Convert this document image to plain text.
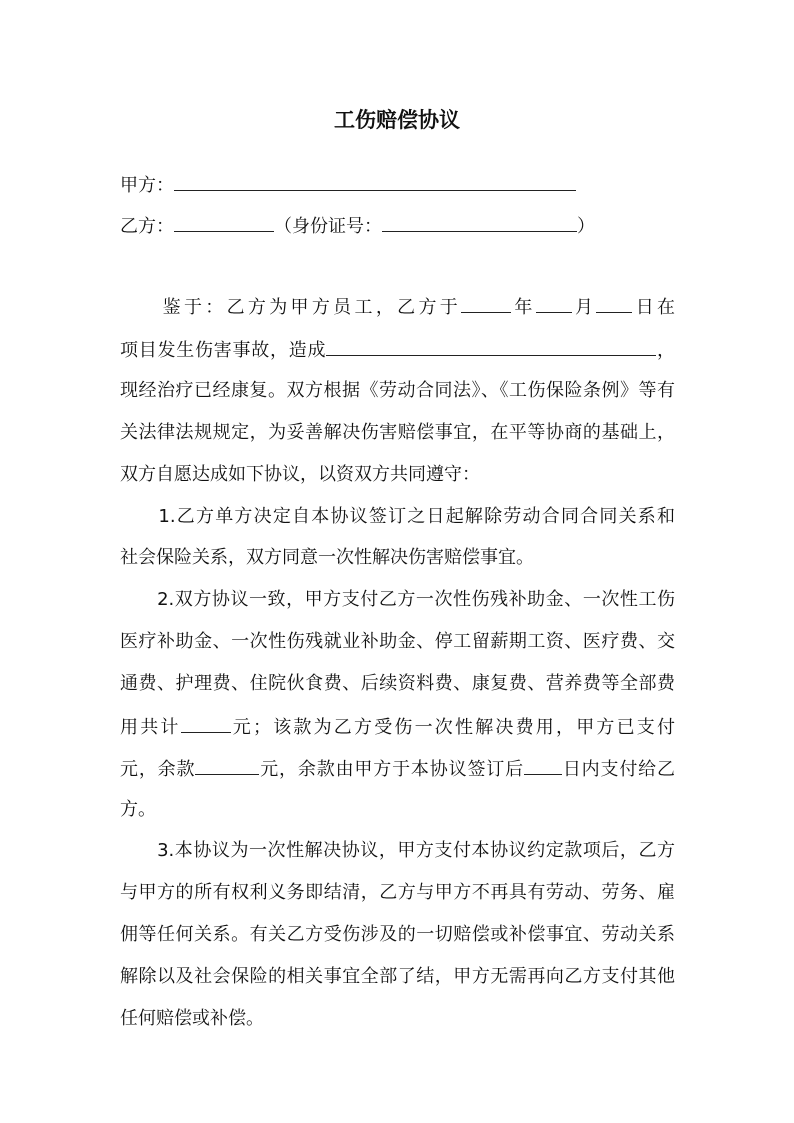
工伤赔偿协议
甲方：
乙方：	（身份证号：	）
　　鉴于：乙方为甲方员工，乙方于	年 月 日在
项目发生伤害事故，造成	，
现经治疗已经康复。双方根据《劳动合同法》、《工伤保险条例》等有
关法律法规规定，为妥善解决伤害赔偿事宜，在平等协商的基础上，
双方自愿达成如下协议，以资双方共同遵守：
　　1.乙方单方决定自本协议签订之日起解除劳动合同合同关系和
社会保险关系，双方同意一次性解决伤害赔偿事宜。
　　2.双方协议一致，甲方支付乙方一次性伤残补助金、一次性工伤
医疗补助金、一次性伤残就业补助金、停工留薪期工资、医疗费、交
通费、护理费、住院伙食费、后续资料费、康复费、营养费等全部费
用共计	元；该款为乙方受伤一次性解决费用，甲方已支付
元，余款	元，余款由甲方于本协议签订后 日内支付给乙
方。
　　3.本协议为一次性解决协议，甲方支付本协议约定款项后，乙方
与甲方的所有权利义务即结清，乙方与甲方不再具有劳动、劳务、雇
佣等任何关系。有关乙方受伤涉及的一切赔偿或补偿事宜、劳动关系
解除以及社会保险的相关事宜全部了结，甲方无需再向乙方支付其他
任何赔偿或补偿。
